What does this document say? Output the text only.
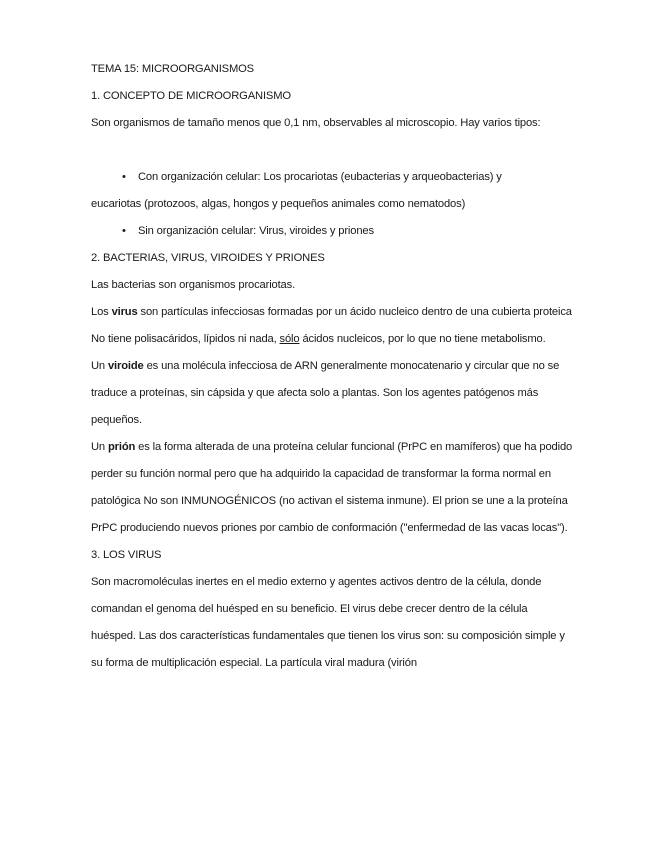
TEMA 15: MICROORGANISMOS

1. CONCEPTO DE MICROORGANISMO

Son organismos de tamaño menos que 0,1 nm, observables al microscopio. Hay varios tipos:

• Con organización celular: Los procariotas (eubacterias y arqueobacterias) y

eucariotas (protozoos, algas, hongos y pequeños animales como nematodos)

• Sin organización celular: Virus, viroides y priones

2. BACTERIAS, VIRUS, VIROIDES Y PRIONES

Las bacterias son organismos procariotas.

Los virus son partículas infecciosas formadas por un ácido nucleico dentro de una cubierta proteica No tiene polisacáridos, lípidos ni nada, sólo ácidos nucleicos, por lo que no tiene metabolismo.

Un viroide es una molécula infecciosa de ARN generalmente monocatenario y circular que no se traduce a proteínas, sin cápsida y que afecta solo a plantas. Son los agentes patógenos más pequeños.

Un prión es la forma alterada de una proteína celular funcional (PrPC en mamíferos) que ha podido perder su función normal pero que ha adquirido la capacidad de transformar la forma normal en patológica No son INMUNOGÉNICOS (no activan el sistema inmune). El prion se une a la proteína PrPC produciendo nuevos priones por cambio de conformación ("enfermedad de las vacas locas").

3. LOS VIRUS

Son macromoléculas inertes en el medio externo y agentes activos dentro de la célula, donde comandan el genoma del huésped en su beneficio. El virus debe crecer dentro de la célula huésped. Las dos características fundamentales que tienen los virus son: su composición simple y su forma de multiplicación especial. La partícula viral madura (virión
